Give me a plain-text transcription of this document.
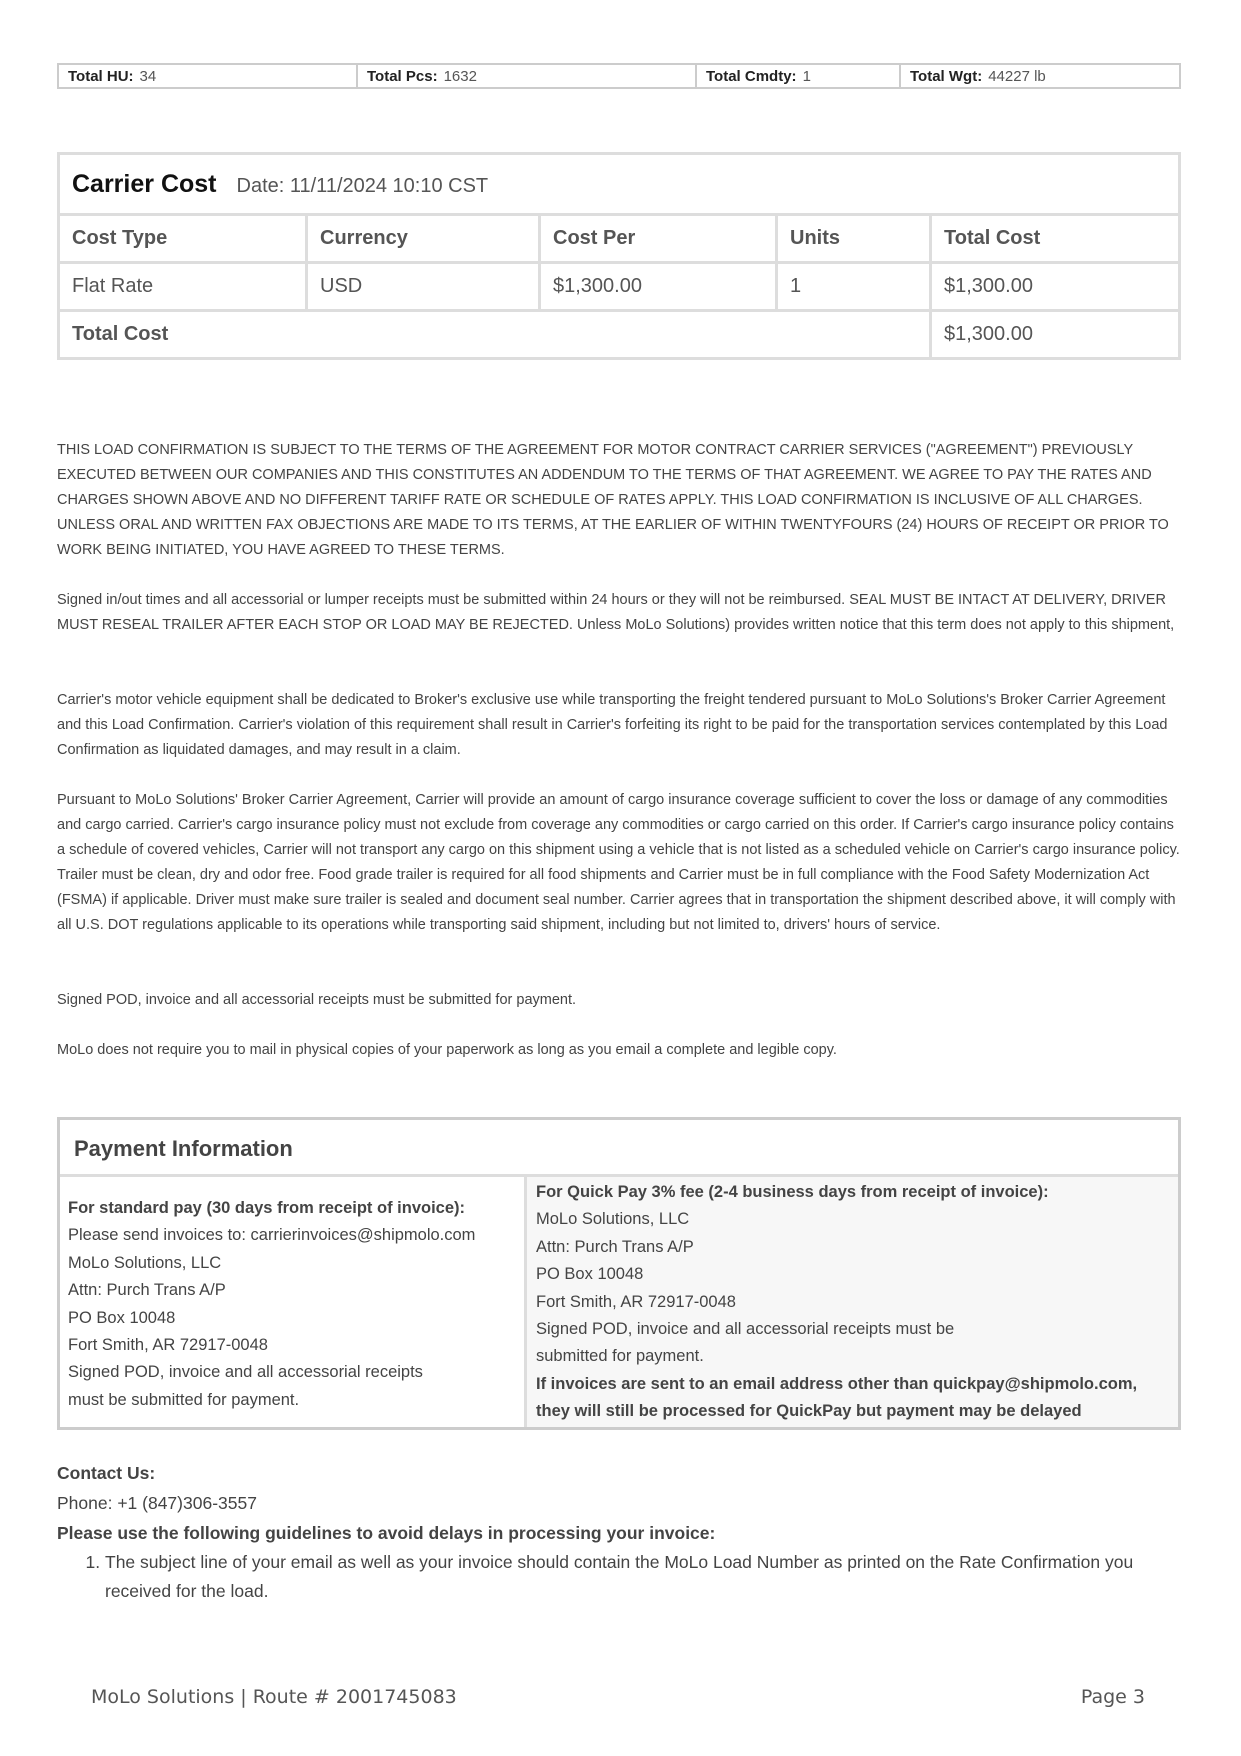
Total HU: 34	Total Pcs: 1632	Total Cmdty: 1	Total Wgt: 44227 lb
Carrier Cost Date: 11/11/2024 10:10 CST				
Cost Type	Currency	Cost Per	Units	Total Cost
Flat Rate	USD	$1,300.00	1	$1,300.00
Total Cost				$1,300.00

THIS LOAD CONFIRMATION IS SUBJECT TO THE TERMS OF THE AGREEMENT FOR MOTOR CONTRACT CARRIER SERVICES ("AGREEMENT") PREVIOUSLY EXECUTED BETWEEN OUR COMPANIES AND THIS CONSTITUTES AN ADDENDUM TO THE TERMS OF THAT AGREEMENT. WE AGREE TO PAY THE RATES AND CHARGES SHOWN ABOVE AND NO DIFFERENT TARIFF RATE OR SCHEDULE OF RATES APPLY. THIS LOAD CONFIRMATION IS INCLUSIVE OF ALL CHARGES. UNLESS ORAL AND WRITTEN FAX OBJECTIONS ARE MADE TO ITS TERMS, AT THE EARLIER OF WITHIN TWENTYFOURS (24) HOURS OF RECEIPT OR PRIOR TO WORK BEING INITIATED, YOU HAVE AGREED TO THESE TERMS.

Signed in/out times and all accessorial or lumper receipts must be submitted within 24 hours or they will not be reimbursed. SEAL MUST BE INTACT AT DELIVERY, DRIVER MUST RESEAL TRAILER AFTER EACH STOP OR LOAD MAY BE REJECTED. Unless MoLo Solutions) provides written notice that this term does not apply to this shipment,

Carrier's motor vehicle equipment shall be dedicated to Broker's exclusive use while transporting the freight tendered pursuant to MoLo Solutions's Broker Carrier Agreement and this Load Confirmation. Carrier's violation of this requirement shall result in Carrier's forfeiting its right to be paid for the transportation services contemplated by this Load Confirmation as liquidated damages, and may result in a claim.

Pursuant to MoLo Solutions' Broker Carrier Agreement, Carrier will provide an amount of cargo insurance coverage sufficient to cover the loss or damage of any commodities and cargo carried. Carrier's cargo insurance policy must not exclude from coverage any commodities or cargo carried on this order. If Carrier's cargo insurance policy contains a schedule of covered vehicles, Carrier will not transport any cargo on this shipment using a vehicle that is not listed as a scheduled vehicle on Carrier's cargo insurance policy. Trailer must be clean, dry and odor free. Food grade trailer is required for all food shipments and Carrier must be in full compliance with the Food Safety Modernization Act (FSMA) if applicable. Driver must make sure trailer is sealed and document seal number. Carrier agrees that in transportation the shipment described above, it will comply with all U.S. DOT regulations applicable to its operations while transporting said shipment, including but not limited to, drivers' hours of service.

Signed POD, invoice and all accessorial receipts must be submitted for payment.

MoLo does not require you to mail in physical copies of your paperwork as long as you email a complete and legible copy.

Payment Information
For standard pay (30 days from receipt of invoice):
Please send invoices to: carrierinvoices@shipmolo.com
MoLo Solutions, LLC
Attn: Purch Trans A/P
PO Box 10048
Fort Smith, AR 72917-0048
Signed POD, invoice and all accessorial receipts
must be submitted for payment.
For Quick Pay 3% fee (2-4 business days from receipt of invoice):
MoLo Solutions, LLC
Attn: Purch Trans A/P
PO Box 10048
Fort Smith, AR 72917-0048
Signed POD, invoice and all accessorial receipts must be
submitted for payment.
If invoices are sent to an email address other than quickpay@shipmolo.com,
they will still be processed for QuickPay but payment may be delayed
Contact Us:
Phone: +1 (847)306-3557
Please use the following guidelines to avoid delays in processing your invoice:
1. The subject line of your email as well as your invoice should contain the MoLo Load Number as printed on the Rate Confirmation you received for the load.
MoLo Solutions | Route # 2001745083	Page 3
